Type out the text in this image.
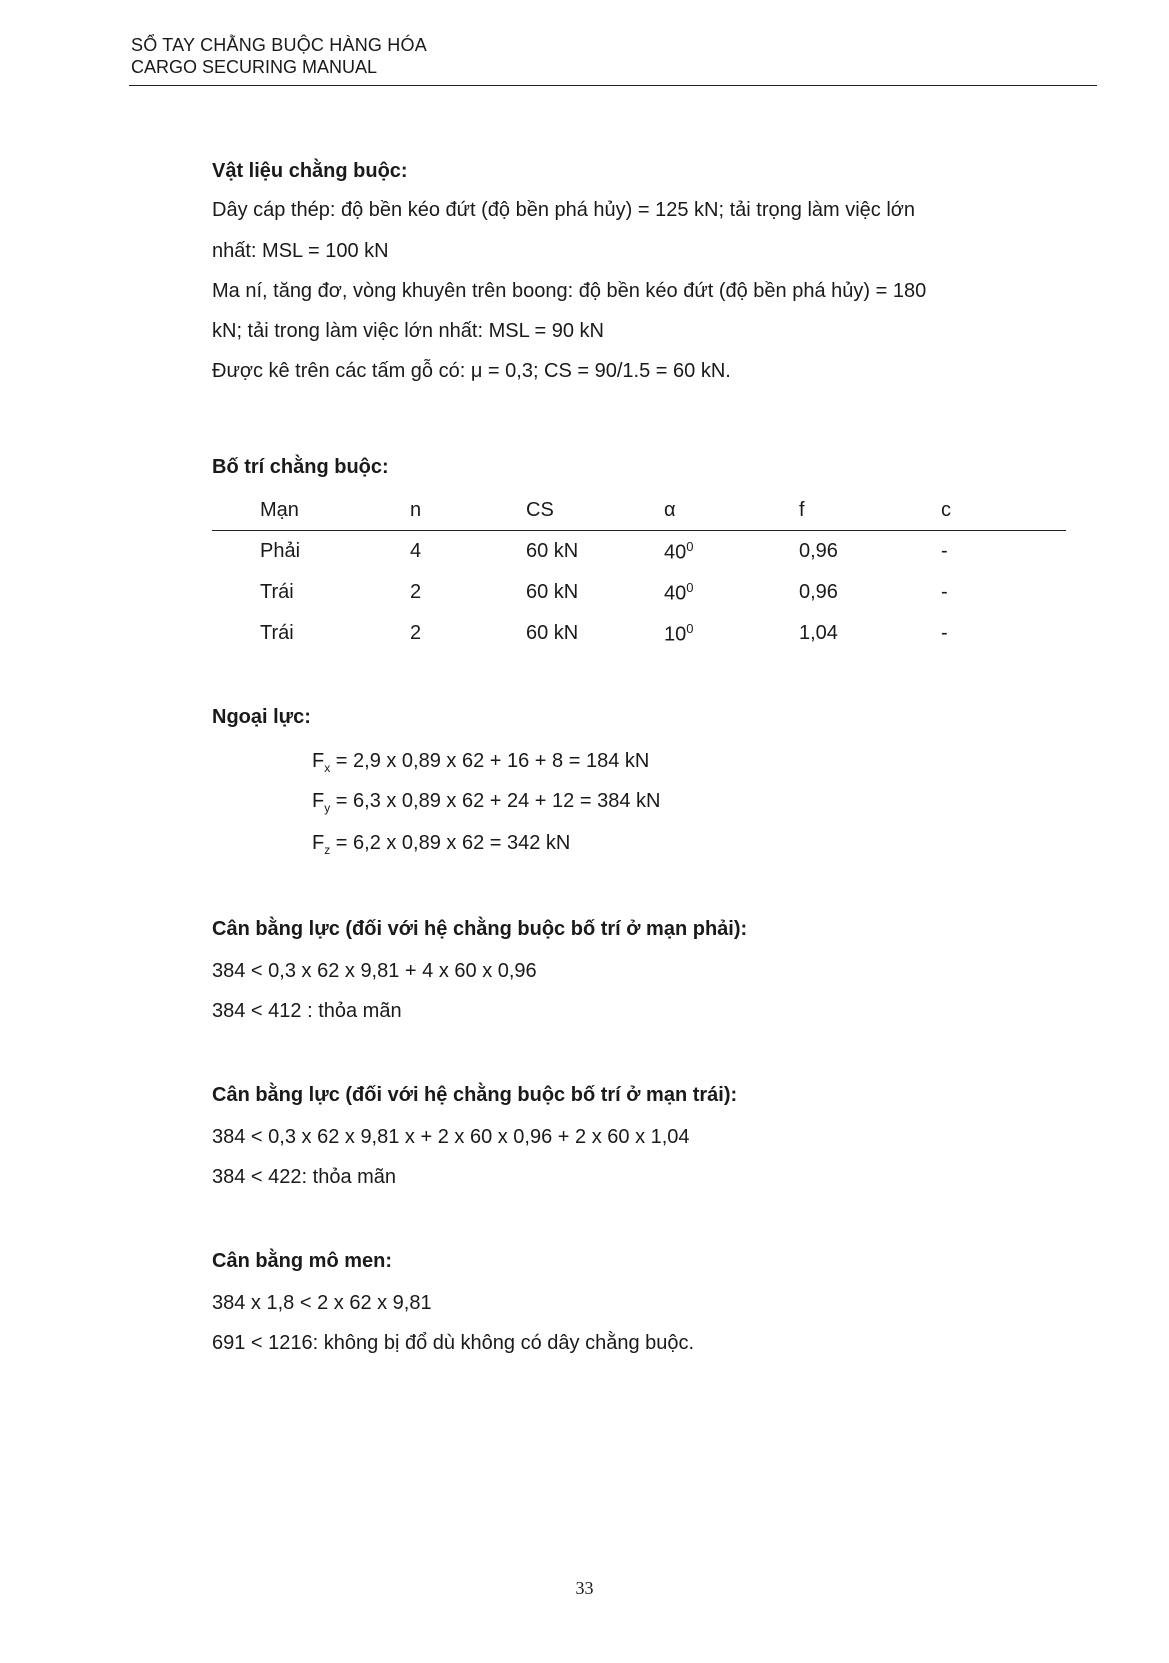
SỔ TAY CHẰNG BUỘC HÀNG HÓA
CARGO SECURING MANUAL
Vật liệu chằng buộc:
Dây cáp thép: độ bền kéo đứt (độ bền phá hủy) = 125 kN; tải trọng làm việc lớn
nhất: MSL = 100 kN
Ma ní, tăng đơ, vòng khuyên trên boong: độ bền kéo đứt (độ bền phá hủy) = 180
kN; tải trong làm việc lớn nhất: MSL = 90 kN
Được kê trên các tấm gỗ có: μ = 0,3; CS = 90/1.5 = 60 kN.
Bố trí chằng buộc:
	Mạn	n	CS	α	f	c
	Phải	4	60 kN	$40^0$	0,96	-
	Trái	2	60 kN	$40^0$	0,96	-
	Trái	2	60 kN	$10^0$	1,04	-
Ngoại lực:
$F_x = 2,9$ x 0,89 x 62 + 16 + 8 = 184 kN
$F_y = 6,3$ x 0,89 x 62 + 24 + 12 = 384 kN
$F_z = 6,2$ x 0,89 x 62 = 342 kN
Cân bằng lực (đối với hệ chằng buộc bố trí ở mạn phải):
384 < 0,3 x 62 x 9,81 + 4 x 60 x 0,96
384 < 412 : thỏa mãn
Cân bằng lực (đối với hệ chằng buộc bố trí ở mạn trái):
384 < 0,3 x 62 x 9,81 x + 2 x 60 x 0,96 + 2 x 60 x 1,04
384 < 422: thỏa mãn
Cân bằng mô men:
384 x 1,8 < 2 x 62 x 9,81
691 < 1216: không bị đổ dù không có dây chằng buộc.
33
